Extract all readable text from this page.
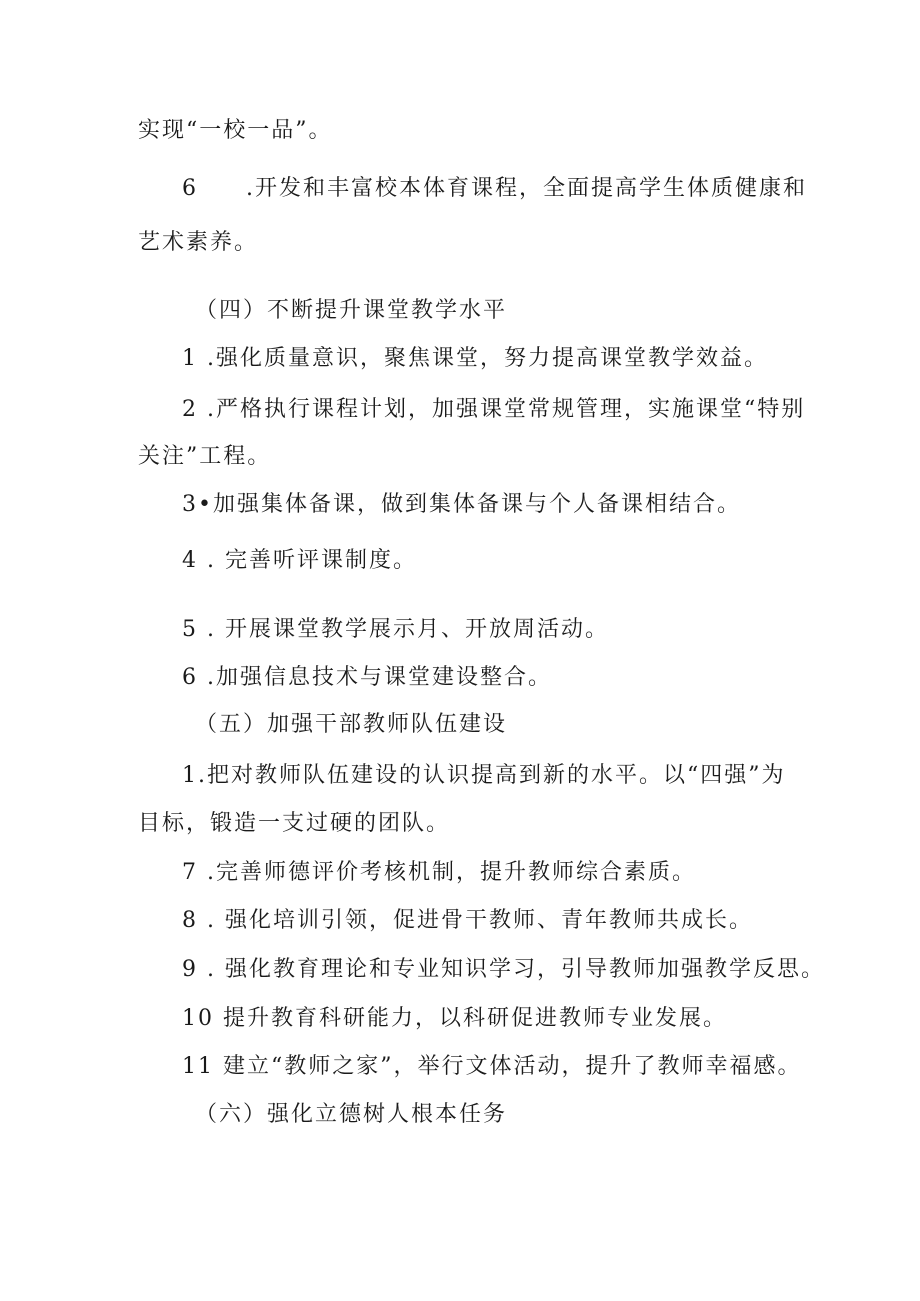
实现“一校一品”。
6　　.开发和丰富校本体育课程，全面提高学生体质健康和
艺术素养。
（四）不断提升课堂教学水平
1 .强化质量意识，聚焦课堂，努力提高课堂教学效益。
2 .严格执行课程计划，加强课堂常规管理，实施课堂“特别
关注”工程。
3•加强集体备课，做到集体备课与个人备课相结合。
4 . 完善听评课制度。
5 . 开展课堂教学展示月、开放周活动。
6 .加强信息技术与课堂建设整合。
（五）加强干部教师队伍建设
1.把对教师队伍建设的认识提高到新的水平。以“四强”为
目标，锻造一支过硬的团队。
7 .完善师德评价考核机制，提升教师综合素质。
8 . 强化培训引领，促进骨干教师、青年教师共成长。
9 . 强化教育理论和专业知识学习，引导教师加强教学反思。
10 提升教育科研能力，以科研促进教师专业发展。
11 建立“教师之家”，举行文体活动，提升了教师幸福感。
（六）强化立德树人根本任务
